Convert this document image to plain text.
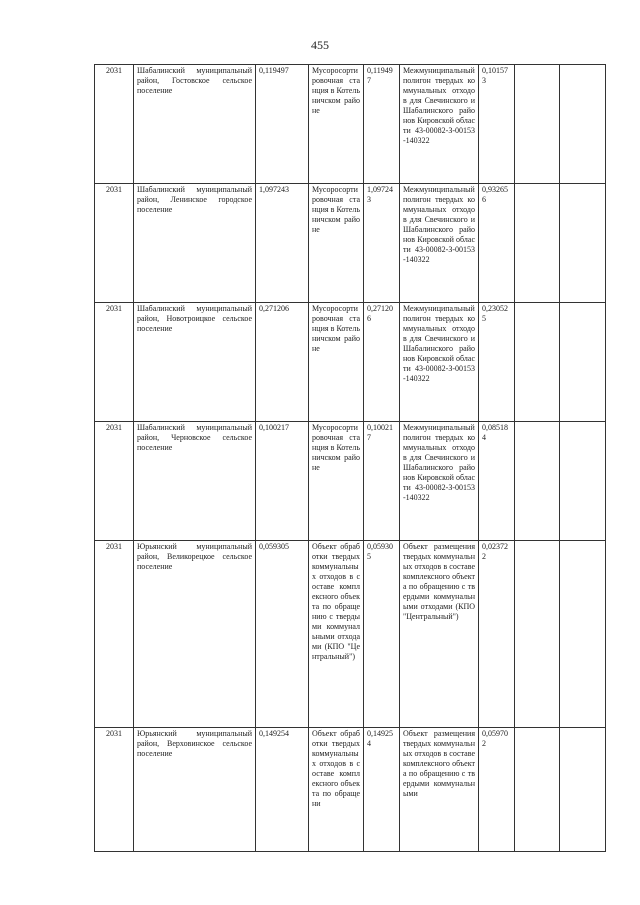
455
2031	Шабалинский муниципальный район, Гостовское сельское поселение	0,119497	Мусоросортировочная станция в Котельничском районе	0,119497	Межмуниципальный полигон твердых коммунальных отходов для Свечинского и Шабалинского районов Кировской области 43-00082-З-00153-140322	0,101573		
2031	Шабалинский муниципальный район, Ленинское городское поселение	1,097243	Мусоросортировочная станция в Котельничском районе	1,097243	Межмуниципальный полигон твердых коммунальных отходов для Свечинского и Шабалинского районов Кировской области 43-00082-З-00153-140322	0,932656		
2031	Шабалинский муниципальный район, Новотроицкое сельское поселение	0,271206	Мусоросортировочная станция в Котельничском районе	0,271206	Межмуниципальный полигон твердых коммунальных отходов для Свечинского и Шабалинского районов Кировской области 43-00082-З-00153-140322	0,230525		
2031	Шабалинский муниципальный район, Черновское сельское поселение	0,100217	Мусоросортировочная станция в Котельничском районе	0,100217	Межмуниципальный полигон твердых коммунальных отходов для Свечинского и Шабалинского районов Кировской области 43-00082-З-00153-140322	0,085184		
2031	Юрьянский муниципальный район, Великорецкое сельское поселение	0,059305	Объект обработки твердых коммунальных отходов в составе комплексного объекта по обращению с твердыми коммунальными отходами (КПО "Центральный")	0,059305	Объект размещения твердых коммунальных отходов в составе комплексного объекта по обращению с твердыми коммунальными отходами (КПО "Центральный")	0,023722		
2031	Юрьянский муниципальный район, Верховинское сельское поселение	0,149254	Объект обработки твердых коммунальных отходов в составе комплексного объекта по обращени	0,149254	Объект размещения твердых коммунальных отходов в составе комплексного объекта по обращению с твердыми коммунальными	0,059702		
